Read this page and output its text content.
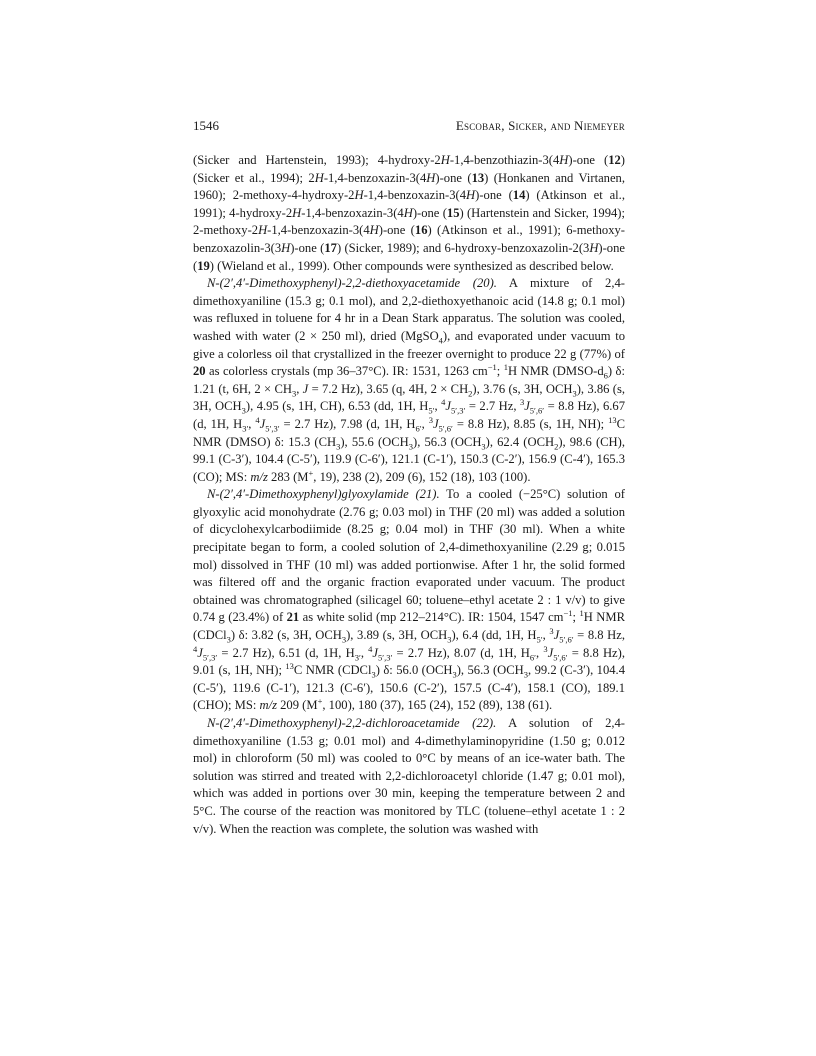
1546	Escobar, Sicker, and Niemeyer

(Sicker and Hartenstein, 1993); 4-hydroxy-2H-1,4-benzothiazin-3(4H)-one (12) (Sicker et al., 1994); 2H-1,4-benzoxazin-3(4H)-one (13) (Honkanen and Virtanen, 1960); 2-methoxy-4-hydroxy-2H-1,4-benzoxazin-3(4H)-one (14) (Atkinson et al., 1991); 4-hydroxy-2H-1,4-benzoxazin-3(4H)-one (15) (Hartenstein and Sicker, 1994); 2-methoxy-2H-1,4-benzoxazin-3(4H)-one (16) (Atkinson et al., 1991); 6-methoxy-benzoxazolin-3(3H)-one (17) (Sicker, 1989); and 6-hydroxy-benzoxazolin-2(3H)-one (19) (Wieland et al., 1999). Other compounds were synthesized as described below.

N-(2′,4′-Dimethoxyphenyl)-2,2-diethoxyacetamide (20). A mixture of 2,4-dimethoxyaniline (15.3 g; 0.1 mol), and 2,2-diethoxyethanoic acid (14.8 g; 0.1 mol) was refluxed in toluene for 4 hr in a Dean Stark apparatus. The solution was cooled, washed with water (2 × 250 ml), dried (MgSO$_4$), and evaporated under vacuum to give a colorless oil that crystallized in the freezer overnight to produce 22 g (77%) of 20 as colorless crystals (mp 36–37°C). IR: 1531, 1263 $cm^{-1}$; $^1$H NMR $(DMSO-d_6)$ δ: 1.21 (t, 6H, $2 \times CH_3$, J = 7.2 Hz), 3.65 (q, 4H, $2 \times CH_2$), 3.76 (s, 3H, $OCH_3$), 3.86 (s, 3H, $OCH_3$), 4.95 (s, 1H, CH), 6.53 (dd, 1H, $H_{5'}$, $^4J_{5',3'} = 2.7$ Hz, $^3J_{5',6'} = 8.8$ Hz), 6.67 (d, 1H, $H_{3'}$, $^4J_{5',3'} = 2.7$ Hz), 7.98 (d, 1H, $H_{6'}$, $^3J_{5',6'} = 8.8$ Hz), 8.85 (s, 1H, NH); $^{13}$C NMR (DMSO) δ: 15.3 $(CH_3)$, 55.6 $(OCH_3)$, 56.3 $(OCH_3)$, 62.4 $(OCH_2)$, 98.6 (CH), 99.1 (C-3′), 104.4 (C-5′), 119.9 (C-6′), 121.1 (C-1′), 150.3 (C-2′), 156.9 (C-4′), 165.3 (CO); MS: m/z 283 (M+, 19), 238 (2), 209 (6), 152 (18), 103 (100).

N-(2′,4′-Dimethoxyphenyl)glyoxylamide (21). To a cooled (−25°C) solution of glyoxylic acid monohydrate (2.76 g; 0.03 mol) in THF (20 ml) was added a solution of dicyclohexylcarbodiimide (8.25 g; 0.04 mol) in THF (30 ml). When a white precipitate began to form, a cooled solution of 2,4-dimethoxyaniline (2.29 g; 0.015 mol) dissolved in THF (10 ml) was added portionwise. After 1 hr, the solid formed was filtered off and the organic fraction evaporated under vacuum. The product obtained was chromatographed (silicagel 60; toluene–ethyl acetate 2 : 1 v/v) to give 0.74 g (23.4%) of 21 as white solid (mp 212–214°C). IR: 1504, 1547 $cm^{-1}$; $^1$H NMR (CDCl$_3$) δ: 3.82 (s, 3H, $OCH_3$), 3.89 (s, 3H, $OCH_3$), 6.4 (dd, 1H, $H_{5'}$, $^3J_{5',6'} = 8.8$ Hz, $^4J_{5',3'} = 2.7$ Hz), 6.51 (d, 1H, $H_{3'}$, $^4J_{5',3'} = 2.7$ Hz), 8.07 (d, 1H, $H_{6'}$, $^3J_{5',6'} = 8.8$ Hz), 9.01 (s, 1H, NH); $^{13}$C NMR (CDCl$_3$) δ: 56.0 $(OCH_3)$, 56.3 ($OCH_3$, 99.2 (C-3′), 104.4 (C-5′), 119.6 (C-1′), 121.3 (C-6′), 150.6 (C-2′), 157.5 (C-4′), 158.1 (CO), 189.1 (CHO); MS: m/z 209 (M+, 100), 180 (37), 165 (24), 152 (89), 138 (61).

N-(2′,4′-Dimethoxyphenyl)-2,2-dichloroacetamide (22). A solution of 2,4-dimethoxyaniline (1.53 g; 0.01 mol) and 4-dimethylaminopyridine (1.50 g; 0.012 mol) in chloroform (50 ml) was cooled to 0°C by means of an ice-water bath. The solution was stirred and treated with 2,2-dichloroacetyl chloride (1.47 g; 0.01 mol), which was added in portions over 30 min, keeping the temperature between 2 and 5°C. The course of the reaction was monitored by TLC (toluene–ethyl acetate 1 : 2 v/v). When the reaction was complete, the solution was washed with
